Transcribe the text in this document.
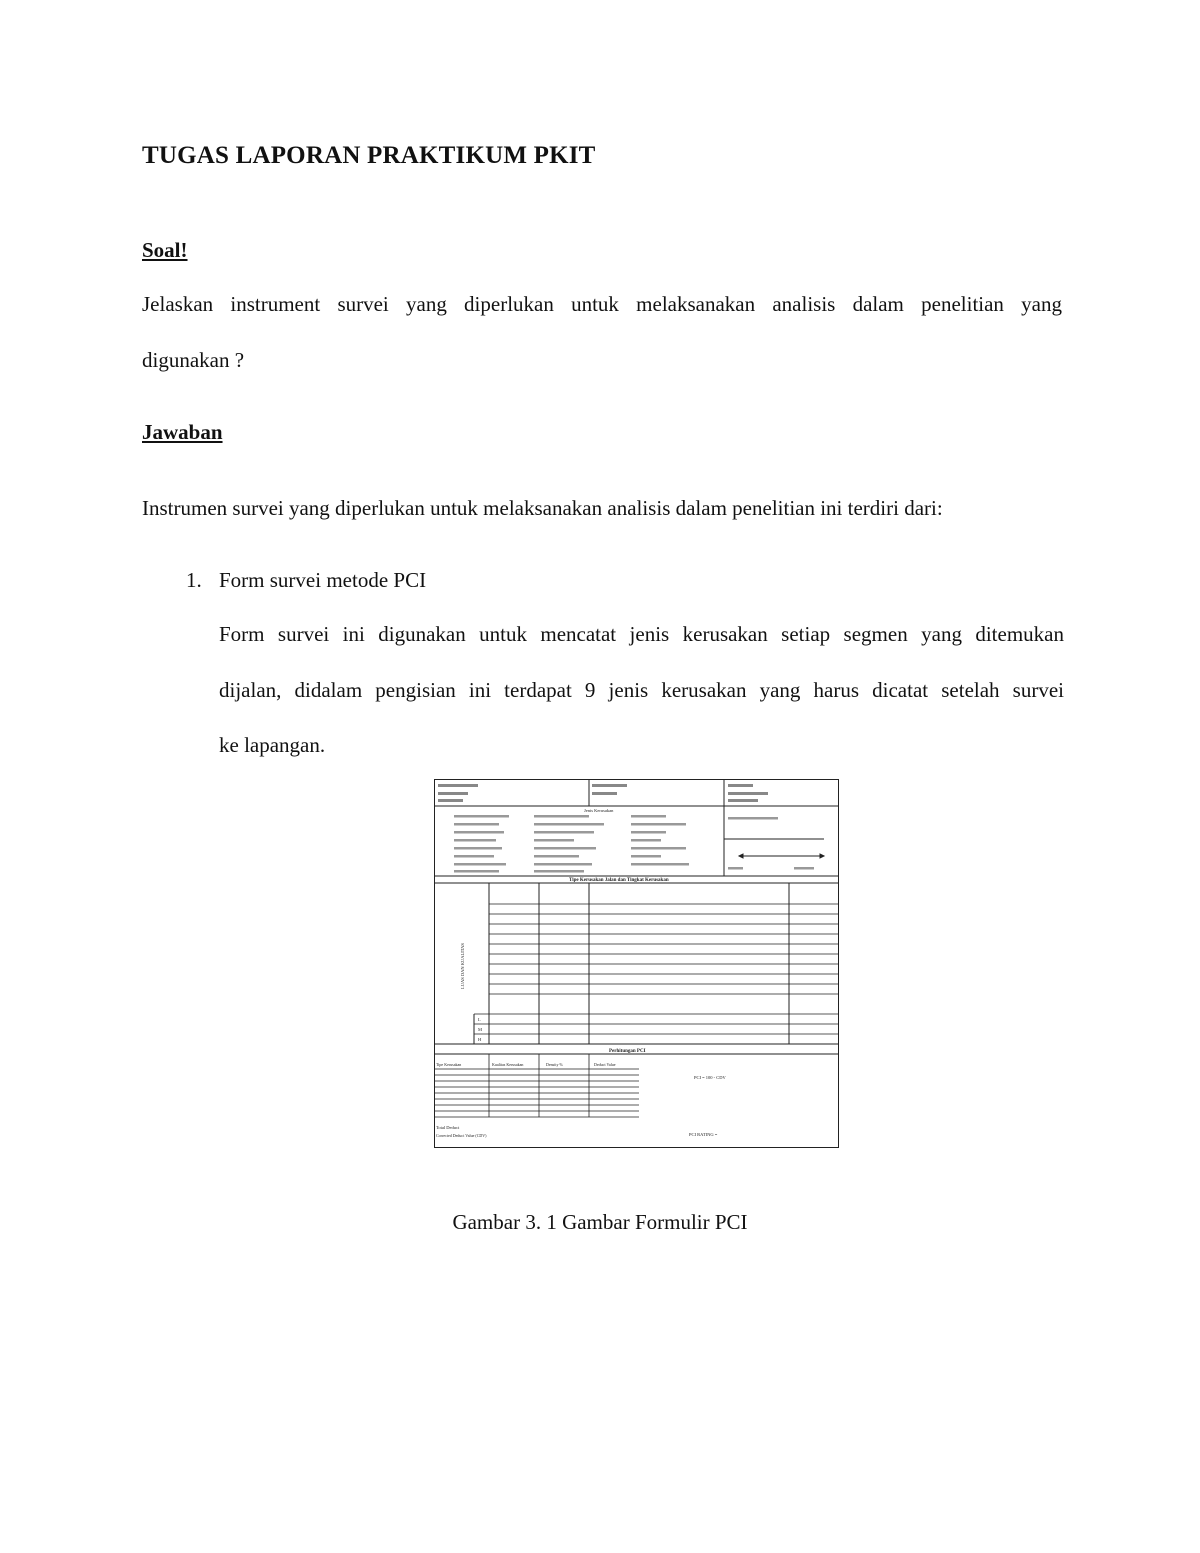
TUGAS LAPORAN PRAKTIKUM PKIT
Soal!
Jelaskan instrument survei yang diperlukan untuk melaksanakan analisis dalam penelitian yang
digunakan ?
Jawaban
Instrumen survei yang diperlukan untuk melaksanakan analisis dalam penelitian ini terdiri dari:
1. Form survei metode PCI
Form survei ini digunakan untuk mencatat jenis kerusakan setiap segmen yang ditemukan
dijalan, didalam pengisian ini terdapat 9 jenis kerusakan yang harus dicatat setelah survei
ke lapangan.
Jenis Kerusakan
Tipe Kerusakan Jalan dan Tingkat Kerusakan
Perhitungan PCI
Tipe Kerusakan	Kualitas Kerusakan	Density %	Deduct Value
PCI = 100 - CDV
PCI RATING =
Total Deduct
Corrected Deduct Value (CDV)
L
M
H
LUAS DAN KUALITAS
Gambar 3. 1 Gambar Formulir PCI
